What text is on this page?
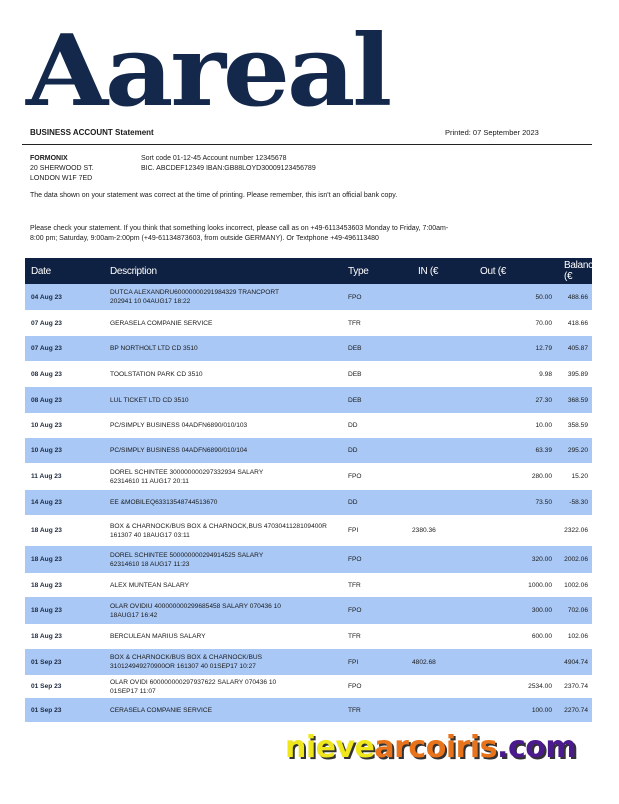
Aareal
BUSINESS ACCOUNT Statement	Printed: 07 September 2023
FORMONIX
20 SHERWOOD ST.
LONDON W1F 7ED
Sort code 01-12-45 Account number 12345678
BIC. ABCDEF12349 IBAN:GB88LOYD30009123456789
The data shown on your statement was correct at the time of printing. Please remember, this isn't an official bank copy.
Please check your statement. If you think that something looks incorrect, please call as on +49-6113453603 Monday to Friday, 7:00am-8:00 pm; Saturday, 9:00am-2:00pm (+49-61134873603, from outside GERMANY). Or Textphone +49-496113480
Date	Description	Type	IN (€	Out (€	Balance (€
04 Aug 23	DUTCA ALEXANDRU60000000291984329 TRANCPORT
202941 10 04AUG17 18:22	FPO		50.00	488.66
07 Aug 23	GERASELA COMPANIE SERVICE	TFR		70.00	418.66
07 Aug 23	BP NORTHOLT LTD CD 3510	DEB		12.79	405.87
08 Aug 23	TOOLSTATION PARK CD 3510	DEB		9.98	395.89
08 Aug 23	LUL TICKET LTD CD 3510	DEB		27.30	368.59
10 Aug 23	PC/SIMPLY BUSINESS 04ADFN6890/010/103	DD		10.00	358.59
10 Aug 23	PC/SIMPLY BUSINESS 04ADFN6890/010/104	DD		63.39	295.20
11 Aug 23	DOREL SCHINTEE 300000000297332934 SALARY
62314610 11 AUG17 20:11	FPO		280.00	15.20
14 Aug 23	EE &MOBILEQ63313548744513670	DD		73.50	-58.30
18 Aug 23	BOX & CHARNOCK/BUS BOX & CHARNOCK,BUS 4703041128109400R
161307 40 18AUG17 03:11	FPI	2380.36		2322.06
18 Aug 23	DOREL SCHINTEE 500000000294914525 SALARY
62314610 18 AUG17 11:23	FPO		320.00	2002.06
18 Aug 23	ALEX MUNTEAN SALARY	TFR		1000.00	1002.06
18 Aug 23	OLAR OVIDIU 400000000299685458 SALARY 070436 10
18AUG17 16:42	FPO		300.00	702.06
18 Aug 23	BERCULEAN MARIUS SALARY	TFR		600.00	102.06
01 Sep 23	BOX & CHARNOCK/BUS BOX & CHARNOCK/BUS
310124949270900OR 161307 40 01SEP17 10:27	FPI	4802.68		4904.74
01 Sep 23	OLAR OVIDI 600000000297937622 SALARY 070436 10
01SEP17 11:07	FPO		2534.00	2370.74
01 Sep 23	CERASELA COMPANIE SERVICE	TFR		100.00	2270.74
nievearcoiris.com
